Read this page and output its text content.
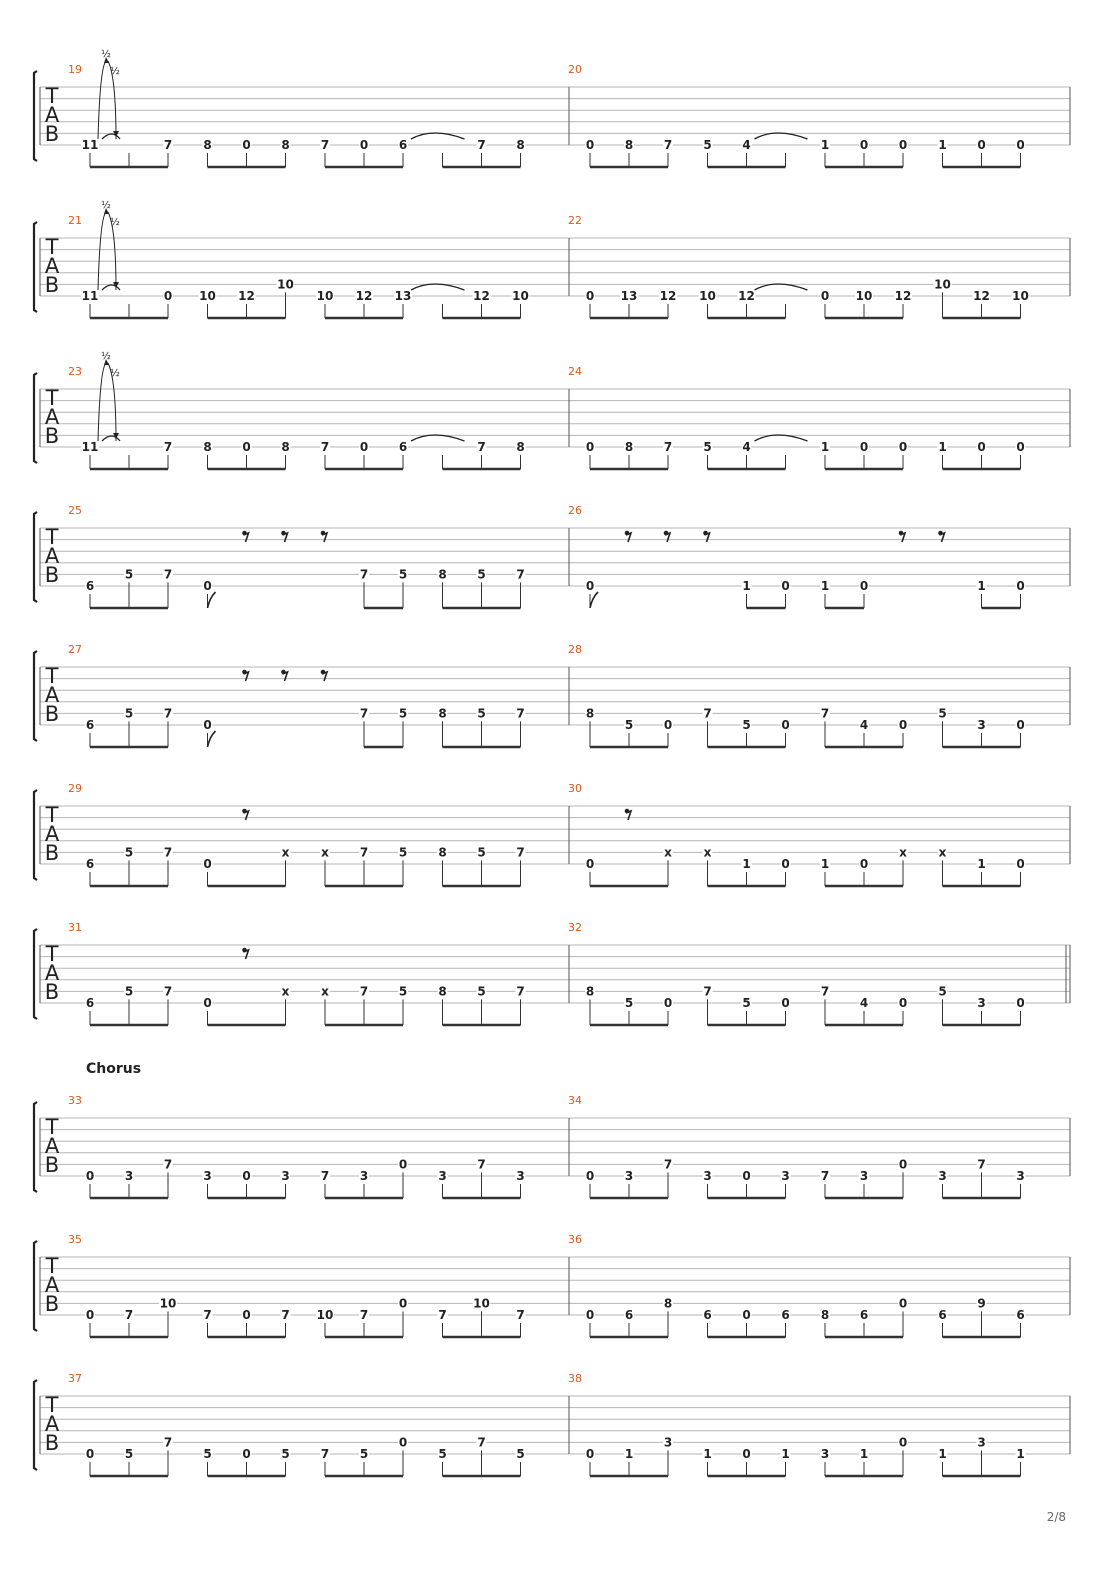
T
A
B
19
11
½
½
7	8	0	8	7	0	6	7	8
20
0	8	7	5	4	1	0	0	1	0	0
T
A
B
21
11
½
½
0 10 12
10
10 12 13	12 10
22
0 13 12 10 12	0 10 12
10
12 10
T
A
B
23
11
½
½
7	8	0	8	7	0	6	7	8
24
0	8	7	5	4	1	0	0	1	0	0
T
A
B
25
6
5	7
0
7	5	8	5	7
26
0	1	0	1	0	1	0
T
A
B
27
6
5	7
0
7	5	8	5	7
28
8
5	0
7
5	0
7
4	0
5
3	0
T
A
B
29
6
5	7
0
x	x	7	5	8	5	7
30
0
x	x
1	0	1	0
x	x
1	0
T
A
B
31
6
5	7
0
x	x	7	5	8	5	7
32
8
5	0
7
5	0
7
4	0
5
3	0
T
A
B
33
0	3
7
3	0	3	7	3
0
3
7
3
34
0	3
7
3	0	3	7	3
0
3
7
3
T
A
B
35
0	7
10
7	0	7 10 7
0
7
10
7
36
0	6
8
6	0	6	8	6
0
6
9
6
T
A
B
37
0	5
7
5	0	5	7	5
0
5
7
5
38
0	1
3
1	0	1	3	1
0
1
3
1
Chorus
2/8
